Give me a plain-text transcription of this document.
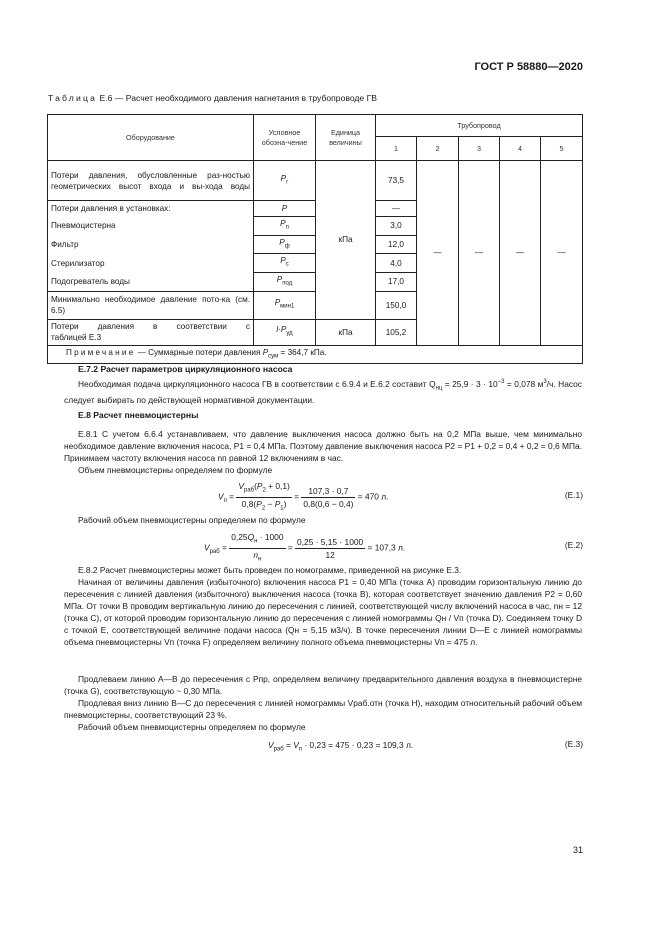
ГОСТ Р 58880—2020
Таблица Е.6 — Расчет необходимого давления нагнетания в трубопроводе ГВ
Оборудование	Условное обозна-чение	Единица величины	Трубопровод				
			1	2	3	4	5
Потери давления, обусловленные раз-ностью геометрических высот входа и вы-хода воды	$P_г$	кПа	73,5	—	—	—	—
Потери давления в установках:	P		—				
Пневмоцистерна	$P_п$		3,0				
Фильтр	$P_ф$		12,0				
Стерилизатор	$P_с$		4,0				
Подогреватель воды	$P_{под}$		17,0				
Минимально необходимое давление пото-ка (см. 6.5)	$P_{мин1}$		150,0				

Потери давления в соответствии с
таблицей Е.3	$l\cdot P_{уд}$	кПа	105,2				
Примечание — Суммарные потери давления $P_{сум} = 364,7$ кПа.							
Е.7.2 Расчет параметров циркуляционного насоса
Необходимая подача циркуляционного насоса ГВ в соответствии с 6.9.4 и Е.6.2 составит $Q_{нц} = 25,9 \cdot 3 \cdot 10^{-3} = 0,078$ $м^3/ч$. Насос следует выбирать по действующей нормативной документации.
Е.8 Расчет пневмоцистерны
Е.8.1 С учетом 6.6.4 устанавливаем, что давление выключения насоса должно быть на 0,2 МПа выше, чем минимально необходимое давление включения насоса, P1 = 0,4 МПа. Поэтому давление выключения насоса P2 = P1 + 0,2 = 0,4 + 0,2 = 0,6 МПа. Принимаем частоту включения насоса nп равной 12 включениям в час.
Объем пневмоцистерны определяем по формуле
$V_п = \frac{V_{раб}(P_2 + 0,1)}{0,8(P_2 - P_1)} = \frac{107,3 \cdot 0,7}{0,8(0,6 - 0,4)} = 470$ л.	(Е.1)
Рабочий объем пневмоцистерны определяем по формуле
$V_{раб} = \frac{0,25Q_н \cdot 1000}{n_н} = \frac{0,25 \cdot 5,15 \cdot 1000}{12} = 107,3$ л.	(Е.2)
Е.8.2 Расчет пневмоцистерны может быть проведен по номограмме, приведенной на рисунке Е.3.
Начиная от величины давления (избыточного) включения насоса P1 = 0,40 МПа (точка A) проводим горизонтальную линию до пересечения с линией давления (избыточного) выключения насоса (точка B), которая соответствует значению давления P2 = 0,60 МПа. От точки B проводим вертикальную линию до пересечения с линией, соответствующей числу включений насоса в час, nн = 12 (точка C), от которой проводим горизонтальную линию до пересечения с линией номограммы Qн / Vп (точка D). Соединяем точку D с точкой E, соответствующей величине подачи насоса (Qн = 5,15 м3/ч). В точке пересечения линии D—E с линией номограммы объема пневмоцистерны Vп (точка F) определяем величину полного объема пневмоцистерны Vп = 475 л.
Продлеваем линию A—B до пересечения с Pпр, определяем величину предварительного давления воздуха в пневмоцистерне (точка G), соответствующую ~ 0,30 МПа.
Продлевая вниз линию B—C до пересечения с линией номограммы Vраб.отн (точка H), находим относительный рабочий объем пневмоцистерны, соответствующий 23 %.
Рабочий объем пневмоцистерны определяем по формуле
$V_{раб} = V_п \cdot 0,23 = 475 \cdot 0,23 = 109,3$ л.	(Е.3)
31
